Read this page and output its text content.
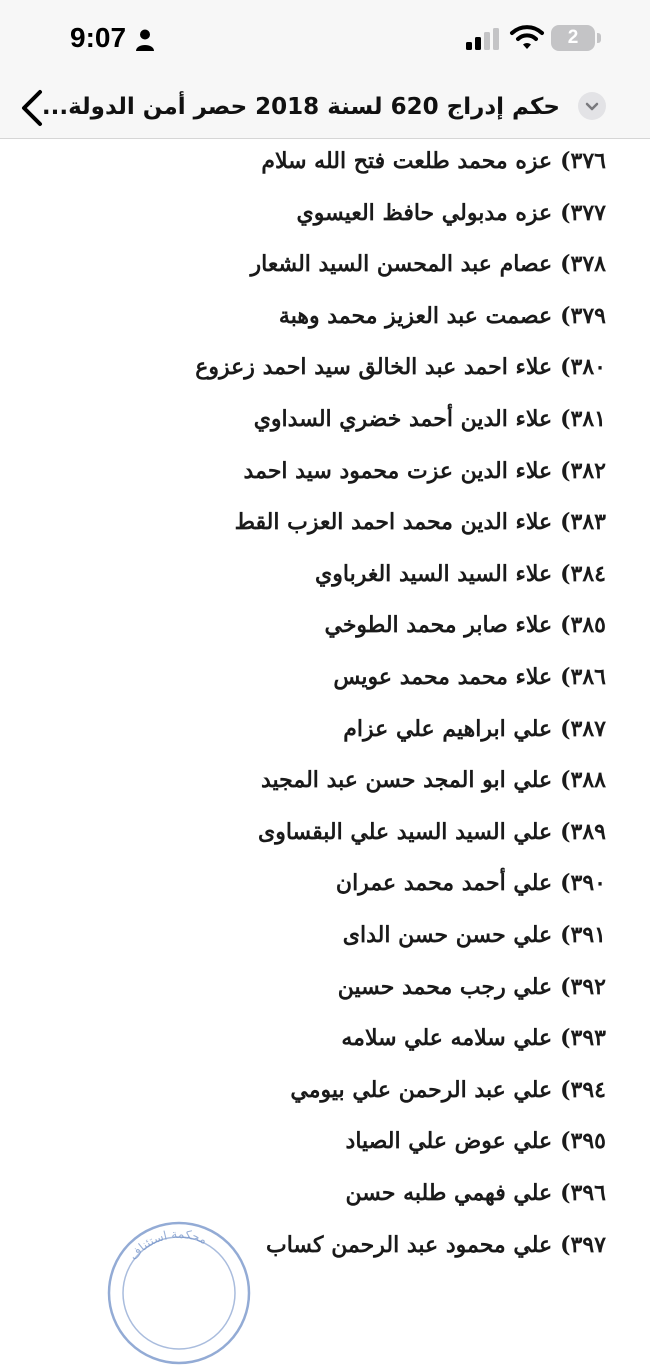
9:07	2
حكم إدراج 620 لسنة 2018 حصر أمن الدولة...
٣٧٦)عزه محمد طلعت فتح الله سلام
٣٧٧)عزه مدبولي حافظ العيسوي
٣٧٨)عصام عبد المحسن السيد الشعار
٣٧٩)عصمت عبد العزيز محمد وهبة
٣٨٠)علاء احمد عبد الخالق سيد احمد زعزوع
٣٨١)علاء الدين أحمد خضري السداوي
٣٨٢)علاء الدين عزت محمود سيد احمد
٣٨٣)علاء الدين محمد احمد العزب القط
٣٨٤)علاء السيد السيد الغرباوي
٣٨٥)علاء صابر محمد الطوخي
٣٨٦)علاء محمد محمد عويس
٣٨٧)علي ابراهيم علي عزام
٣٨٨)علي ابو المجد حسن عبد المجيد
٣٨٩)علي السيد السيد علي البقساوى
٣٩٠)علي أحمد محمد عمران
٣٩١)علي حسن حسن الداى
٣٩٢)علي رجب محمد حسين
٣٩٣)علي سلامه علي سلامه
٣٩٤)علي عبد الرحمن علي بيومي
٣٩٥)علي عوض علي الصياد
٣٩٦)علي فهمي طلبه حسن
٣٩٧)علي محمود عبد الرحمن كساب
محكمة استئناف
